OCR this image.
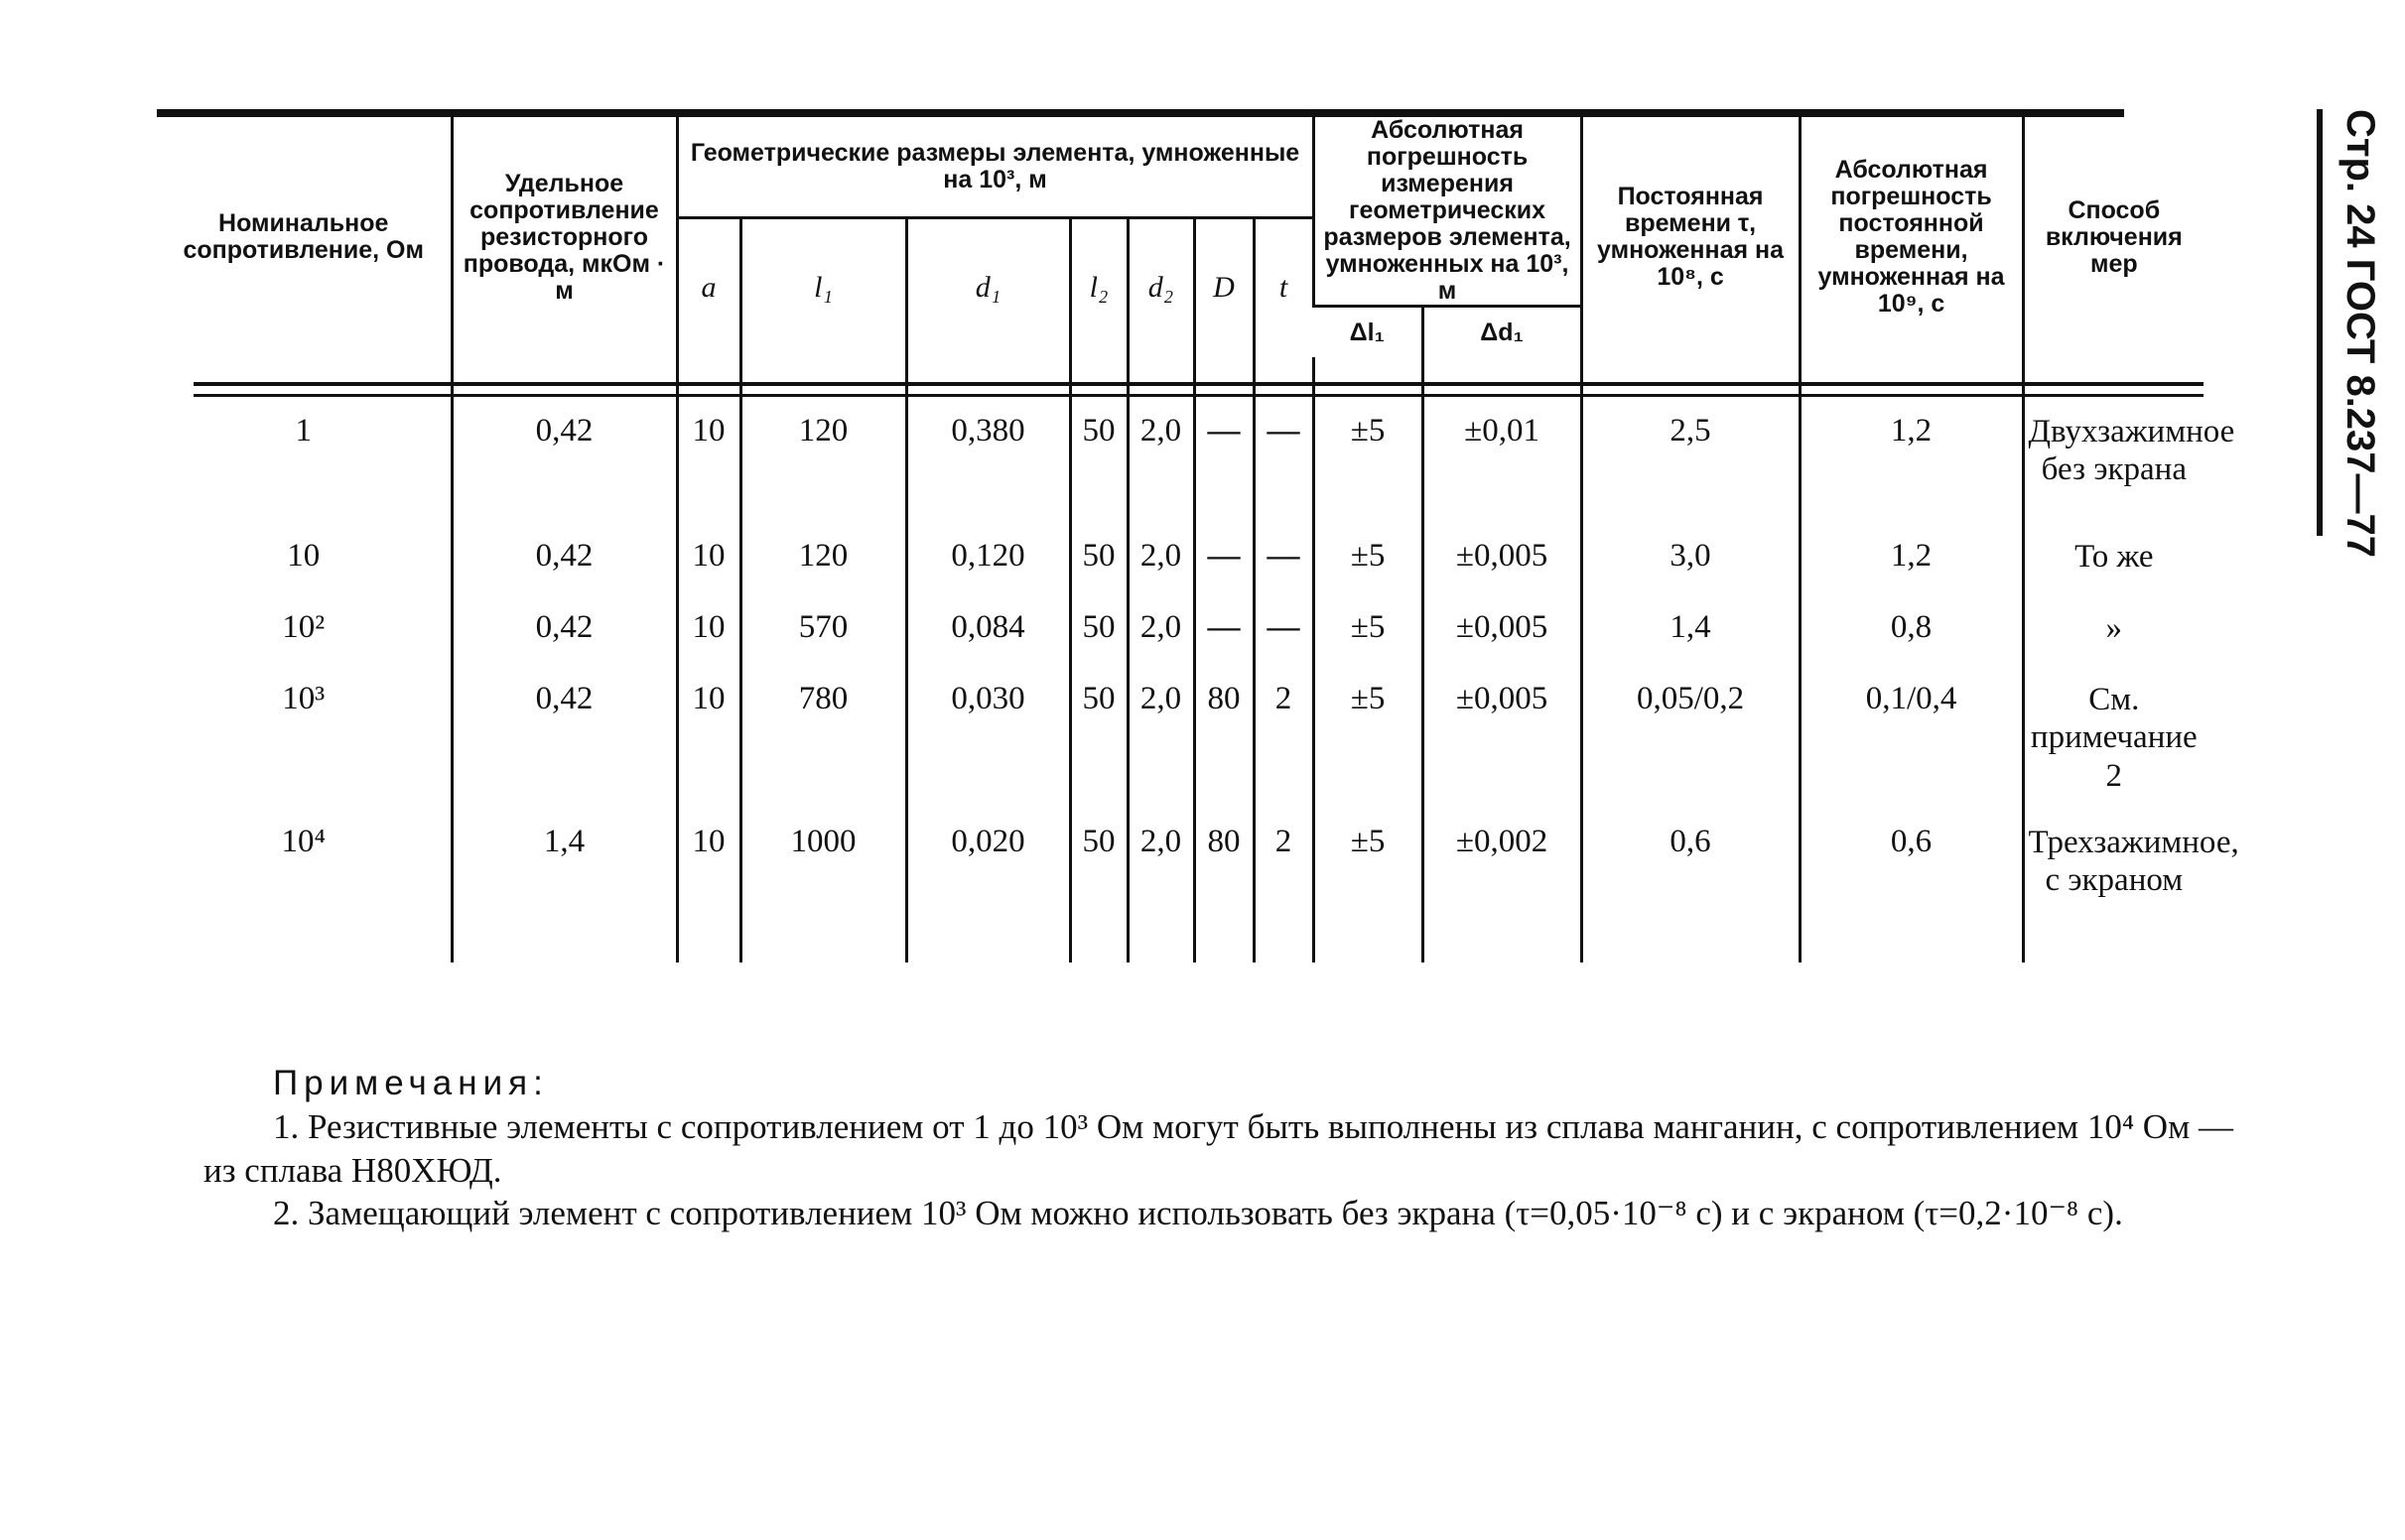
Номинальное сопротивление, Ом	Удельное сопротивление резисторного провода, мкОм · м	Геометрические размеры элемента, умноженные на 10³, м							Абсолютная погрешность измерения геометрических размеров элемента, умноженных на 10³, м		Постоянная времени τ, умноженная на 10⁸, с	Абсолютная погрешность постоянной времени, умноженная на 10⁹, с	Способ включения мер
		a	l₁	d₁	l₂	d₂	D	t					
									Δl₁	Δd₁			
1	0,42	10	120	0,380	50	2,0	—	—	±5	±0,01	2,5	1,2	Двухзажимное без экрана
10	0,42	10	120	0,120	50	2,0	—	—	±5	±0,005	3,0	1,2	То же
10²	0,42	10	570	0,084	50	2,0	—	—	±5	±0,005	1,4	0,8	»
10³	0,42	10	780	0,030	50	2,0	80	2	±5	±0,005	0,05/0,2	0,1/0,4	См. примечание 2
10⁴	1,4	10	1000	0,020	50	2,0	80	2	±5	±0,002	0,6	0,6	Трехзажимное, с экраном
Стр. 24 ГОСТ 8.237—77
Примечания:

1. Резистивные элементы с сопротивлением от 1 до 10³ Ом могут быть выполнены из сплава манганин, с сопротивлением 10⁴ Ом — из сплава Н80ХЮД.

2. Замещающий элемент с сопротивлением 10³ Ом можно использовать без экрана (τ=0,05·10⁻⁸ с) и с экраном (τ=0,2·10⁻⁸ с).
